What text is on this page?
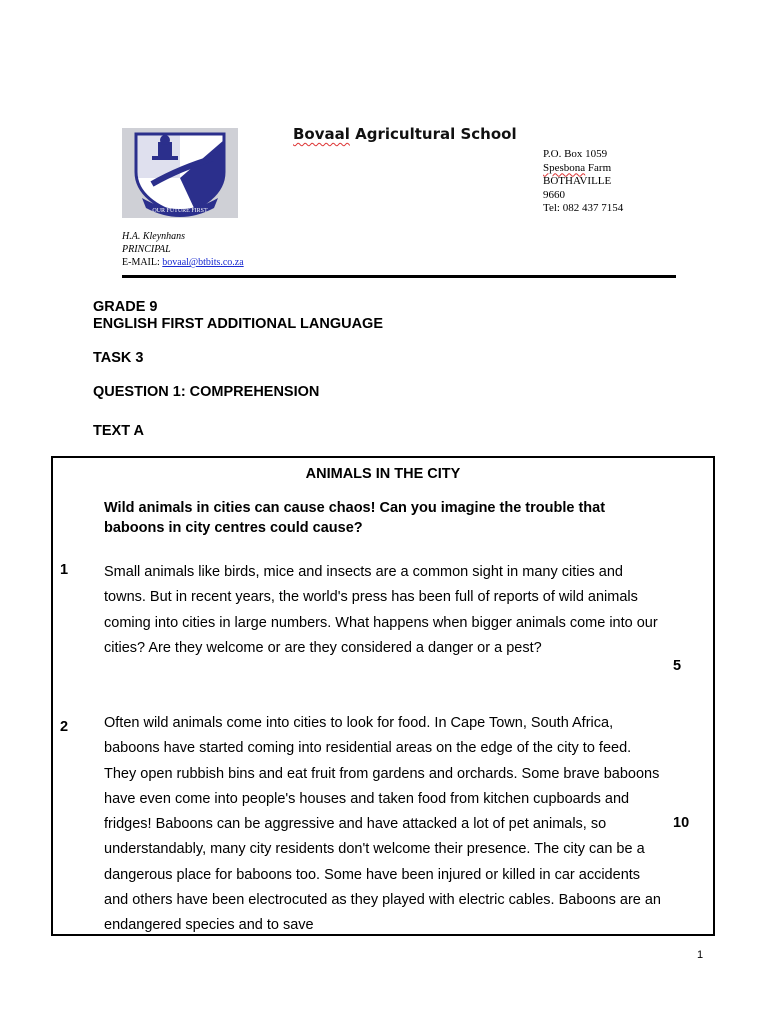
OUR FUTURE FIRST
Bovaal Agricultural School
P.O. Box 1059
Spesbona Farm
BOTHAVILLE
9660
Tel: 082 437 7154
H.A. Kleynhans
PRINCIPAL
E-MAIL: bovaal@btbits.co.za
GRADE 9
ENGLISH FIRST ADDITIONAL LANGUAGE
TASK 3
QUESTION 1: COMPREHENSION
TEXT A
ANIMALS IN THE CITY
Wild animals in cities can cause chaos! Can you imagine the trouble that baboons in city centres could cause?
1 Small animals like birds, mice and insects are a common sight in many cities and towns. But in recent years, the world's press has been full of reports of wild animals coming into cities in large numbers. What happens when bigger animals come into our cities? Are they welcome or are they considered a danger or a pest?
5
2 Often wild animals come into cities to look for food. In Cape Town, South Africa, baboons have started coming into residential areas on the edge of the city to feed. They open rubbish bins and eat fruit from gardens and orchards. Some brave baboons have even come into people's houses and taken food from kitchen cupboards and fridges! Baboons can be aggressive and have attacked a lot of pet animals, so understandably, many city residents don't welcome their presence. The city can be a dangerous place for baboons too. Some have been injured or killed in car accidents and others have been electrocuted as they played with electric cables. Baboons are an endangered species and to save
10
1
